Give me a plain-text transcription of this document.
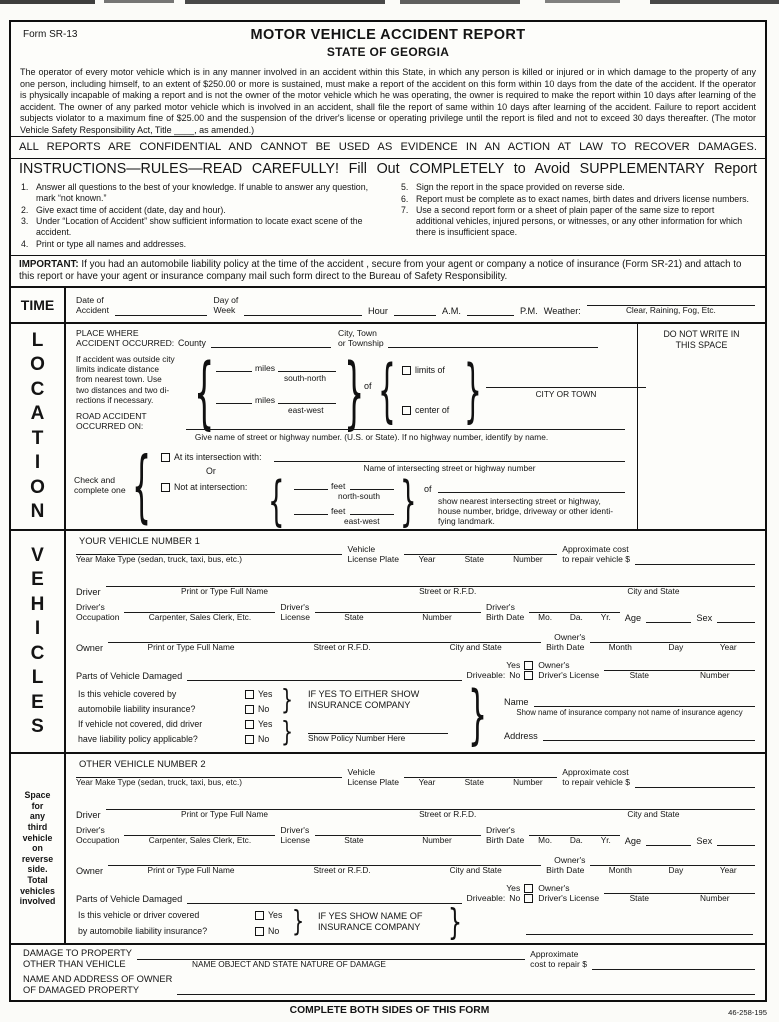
Form SR-13	MOTOR VEHICLE ACCIDENT REPORT
STATE OF GEORGIA
The operator of every motor vehicle which is in any manner involved in an accident within this State, in which any person is killed or injured or in which damage to the property of any one person, including himself, to an extent of $250.00 or more is sustained, must make a report of the accident on this form within 10 days from the date of the accident. If the operator is physically incapable of making a report and is not the owner of the motor vehicle which he was operating, the owner is required to make the report within 10 days after learning of the accident. The owner of any parked motor vehicle which is involved in an accident, shall file the report of same within 10 days after learning of the accident. Failure to report accident subjects violator to a maximum fine of $25.00 and the suspension of the driver's license or operating privilege until the report is filed and not to exceed 30 days thereafter. (The motor Vehicle Safety Responsibility Act, Title ____, as amended.)
ALL REPORTS ARE CONFIDENTIAL AND CANNOT BE USED AS EVIDENCE IN AN ACTION AT LAW TO RECOVER DAMAGES.
INSTRUCTIONS—RULES—READ CAREFULLY! Fill Out COMPLETELY to Avoid SUPPLEMENTARY Report
1. Answer all questions to the best of your knowledge. If unable to answer any question, mark “not known.”
2. Give exact time of accident (date, day and hour).
3. Under “Location of Accident” show sufficient information to locate exact scene of the accident.
4. Print or type all names and addresses.
5. Sign the report in the space provided on reverse side.
6. Report must be complete as to exact names, birth dates and drivers license numbers.
7. Use a second report form or a sheet of plain paper of the same size to report additional vehicles, injured persons, or witnesses, or any other information for which there is insufficient space.
IMPORTANT: If you had an automobile liability policy at the time of the accident , secure from your agent or company a notice of insurance (Form SR-21) and attach to this report or have your agent or insurance company mail such form direct to the Bureau of Safety Responsibility.
TIME	Date of
Accident
Day of
Week	Hour	A.M.	P.M. Weather:	Clear, Raining, Fog, Etc.
L
O
C
A
T
I
O
N
DO NOT WRITE IN
THIS SPACE
PLACE WHERE
ACCIDENT OCCURRED: County
City, Town
or Township
If accident was outside city
limits indicate distance
from nearest town. Use
two distances and two di-
rections if necessary.	{	miles
south-north
miles
east-west } of { limits of
center of }	CITY OR TOWN
ROAD ACCIDENT
OCCURRED ON:
Give name of street or highway number. (U.S. or State). If no highway number, identify by name.
Check and
complete one {	At its intersection with:
Name of intersecting street or highway number
Or
Not at intersection: {	feet
north-south
feet
east-west } of
show nearest intersecting street or highway,
house number, bridge, driveway or other identi-
fying landmark.
V
E
H
I
C
L
E
S
YOUR VEHICLE NUMBER 1
Year Make Type (sedan, truck, taxi, bus, etc.)
Vehicle
License Plate Year	State	Number
Approximate cost
to repair vehicle $
Driver	Print or Type Full Name	Street or R.F.D.	City and State
Driver's
Occupation	Carpenter, Sales Clerk, Etc.
Driver's
License	State	Number
Driver's
Birth Date Mo. Da. Yr. Age	Sex
Owner	Print or Type Full Name	Street or R.F.D.	City and State
Owner's
Birth Date	Month	Day	Year
Parts of Vehicle Damaged
Yes
Driveable: No
Owner's
Driver's License	State	Number
Is this vehicle covered by	Yes
automobile liability insurance?	No
If vehicle not covered, did driver	Yes
have liability policy applicable?	No
}
}
IF YES TO EITHER SHOW
INSURANCE COMPANY
Show Policy Number Here	} Name
Show name of insurance company not name of insurance agency
Address
Space
for
any
third
vehicle
on
reverse
side.
Total
vehicles
involved
OTHER VEHICLE NUMBER 2
Year Make Type (sedan, truck, taxi, bus, etc.)
Vehicle
License Plate Year	State	Number
Approximate cost
to repair vehicle $
Driver	Print or Type Full Name	Street or R.F.D.	City and State
Driver's
Occupation	Carpenter, Sales Clerk, Etc.
Driver's
License	State	Number
Driver's
Birth Date Mo. Da. Yr. Age	Sex
Owner	Print or Type Full Name	Street or R.F.D.	City and State
Owner's
Birth Date	Month	Day	Year
Parts of Vehicle Damaged
Yes
Driveable: No
Owner's
Driver's License	State	Number
Is this vehicle or driver covered	Yes
by automobile liability insurance?	No } IF YES SHOW NAME OF
INSURANCE COMPANY	}
DAMAGE TO PROPERTY
OTHER THAN VEHICLE	NAME OBJECT AND STATE NATURE OF DAMAGE
Approximate
cost to repair $
NAME AND ADDRESS OF OWNER
OF DAMAGED PROPERTY
COMPLETE BOTH SIDES OF THIS FORM	46-258-195
